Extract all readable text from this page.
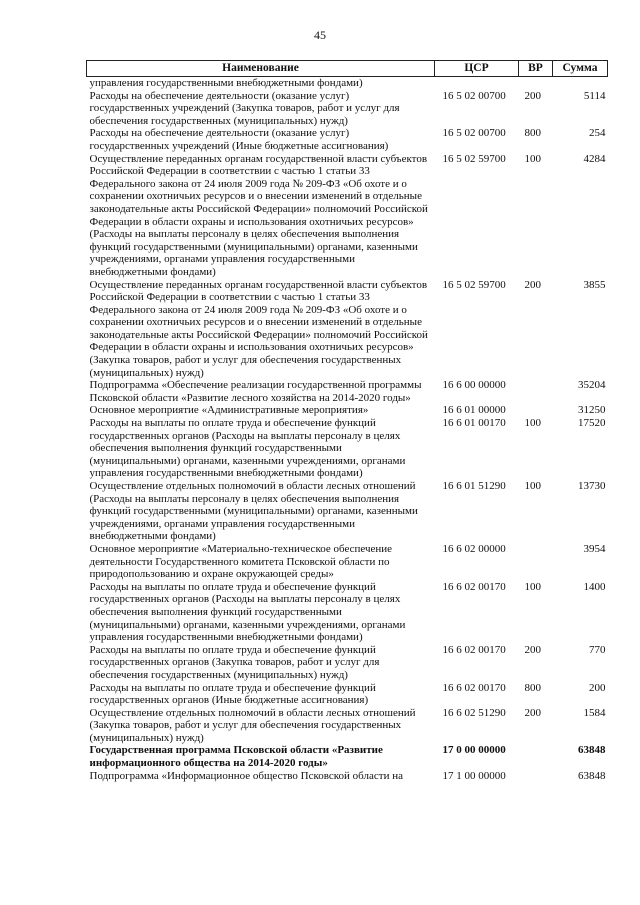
45
Наименование	ЦСР	ВР	Сумма
управления государственными внебюджетными фондами)			
Расходы на обеспечение деятельности (оказание услуг) государственных учреждений (Закупка товаров, работ и услуг для обеспечения государственных (муниципальных) нужд)	16 5 02 00700	200	5114
Расходы на обеспечение деятельности (оказание услуг) государственных учреждений (Иные бюджетные ассигнования)	16 5 02 00700	800	254
Осуществление переданных органам государственной власти субъектов Российской Федерации в соответствии с частью 1 статьи 33 Федерального закона от 24 июля 2009 года № 209-ФЗ «Об охоте и о сохранении охотничьих ресурсов и о внесении изменений в отдельные законодательные акты Российской Федерации» полномочий Российской Федерации в области охраны и использования охотничьих ресурсов» (Расходы на выплаты персоналу в целях обеспечения выполнения функций государственными (муниципальными) органами, казенными учреждениями, органами управления государственными внебюджетными фондами)	16 5 02 59700	100	4284
Осуществление переданных органам государственной власти субъектов Российской Федерации в соответствии с частью 1 статьи 33 Федерального закона от 24 июля 2009 года № 209-ФЗ «Об охоте и о сохранении охотничьих ресурсов и о внесении изменений в отдельные законодательные акты Российской Федерации» полномочий Российской Федерации в области охраны и использования охотничьих ресурсов» (Закупка товаров, работ и услуг для обеспечения государственных (муниципальных) нужд)	16 5 02 59700	200	3855
Подпрограмма «Обеспечение реализации государственной программы Псковской области «Развитие лесного хозяйства на 2014-2020 годы»	16 6 00 00000		35204
Основное мероприятие «Административные мероприятия»	16 6 01 00000		31250
Расходы на выплаты по оплате труда и обеспечение функций государственных органов (Расходы на выплаты персоналу в целях обеспечения выполнения функций государственными (муниципальными) органами, казенными учреждениями, органами управления государственными внебюджетными фондами)	16 6 01 00170	100	17520
Осуществление отдельных полномочий в области лесных отношений (Расходы на выплаты персоналу в целях обеспечения выполнения функций государственными (муниципальными) органами, казенными учреждениями, органами управления государственными внебюджетными фондами)	16 6 01 51290	100	13730
Основное мероприятие «Материально-техническое обеспечение деятельности Государственного комитета Псковской области по природопользованию и охране окружающей среды»	16 6 02 00000		3954
Расходы на выплаты по оплате труда и обеспечение функций государственных органов (Расходы на выплаты персоналу в целях обеспечения выполнения функций государственными (муниципальными) органами, казенными учреждениями, органами управления государственными внебюджетными фондами)	16 6 02 00170	100	1400
Расходы на выплаты по оплате труда и обеспечение функций государственных органов (Закупка товаров, работ и услуг для обеспечения государственных (муниципальных) нужд)	16 6 02 00170	200	770
Расходы на выплаты по оплате труда и обеспечение функций государственных органов (Иные бюджетные ассигнования)	16 6 02 00170	800	200
Осуществление отдельных полномочий в области лесных отношений (Закупка товаров, работ и услуг для обеспечения государственных (муниципальных) нужд)	16 6 02 51290	200	1584
Государственная программа Псковской области «Развитие информационного общества на 2014-2020 годы»	17 0 00 00000		63848
Подпрограмма «Информационное общество Псковской области на	17 1 00 00000		63848
